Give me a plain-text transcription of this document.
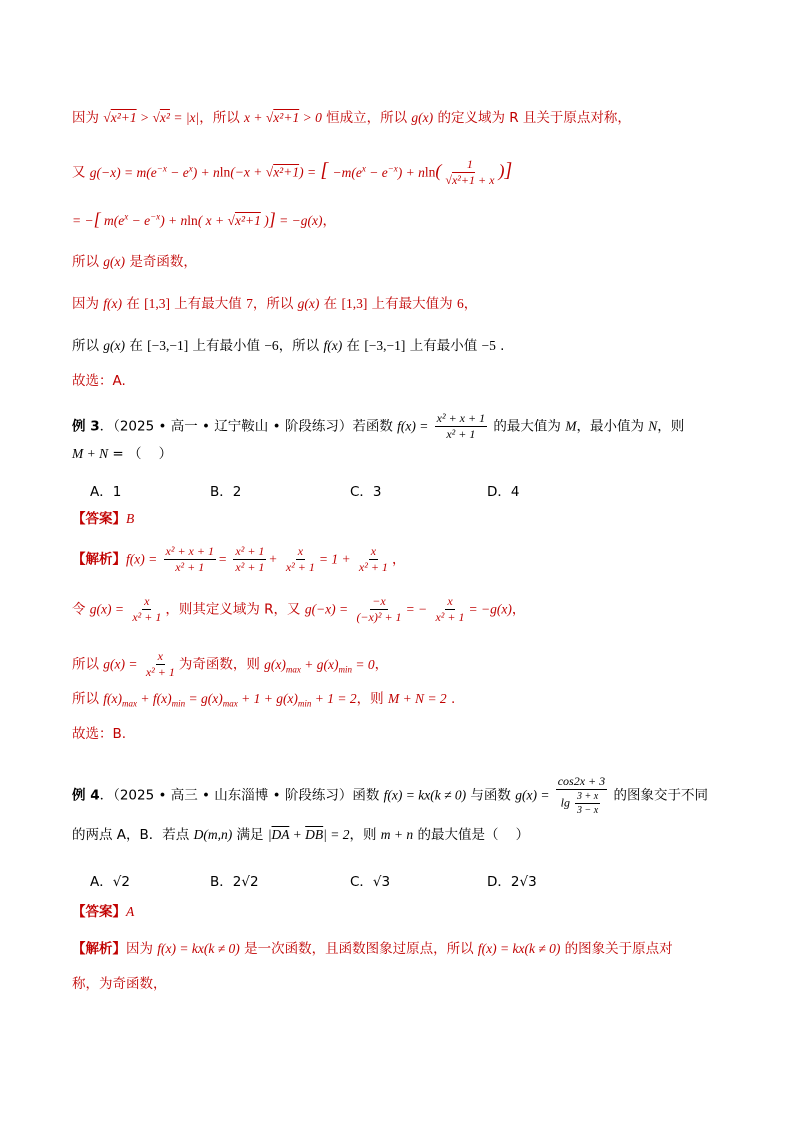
因为 √x²+1 > √x² = |x|，所以 x + √x²+1 > 0 恒成立，所以 g(x) 的定义域为 R 且关于原点对称，
又 $g(-x) = m(e^{-x} - e^x) + nln(-x + √x^2+1)$ = [ $-m(e^x - e^{-x}) + nln( \frac{1}{\text{√x²+1 + x}}$ )]
= −[ $m(e^x - e^{-x}) + nln$( x + √x²+1 )] = −g(x)，
所以 g(x) 是奇函数，
因为 f(x) 在 [1,3] 上有最大值 7，所以 g(x) 在 [1,3] 上有最大值为 6，
所以 g(x) 在 [−3,−1] 上有最小值 −6，所以 f(x) 在 [−3,−1] 上有最小值 −5 .
故选：A.
例 3．（2025 • 高一 • 辽宁鞍山 • 阶段练习）若函数 $f(x) = \frac{\text{x² + x + 1}}{\text{x² + 1}}$ 的最大值为 M，最小值为 N，则
M + N = （    ）
A．1	B．2	C．3	D．4
【答案】B
【解析】$f(x) = \frac{\text{x² + x + 1}}{\text{x² + 1}} = \frac{\text{x² + 1}}{\text{x² + 1}} + \frac{x}{\text{x² + 1}} = 1 + \frac{x}{\text{x² + 1}}$ ，
令 $g(x) = \frac{x}{\text{x² + 1}}$ ，则其定义域为 R，又 $g(-x) = \frac{-x}{\text{(−x)² + 1}}$ = − $\frac{x}{\text{x² + 1}} = -g(x)$，
所以 $g(x) = \frac{x}{\text{x² + 1}}$ 为奇函数，则 $g(x)_{max} + g(x)_{min} = 0$，
所以 $f(x)_{max} + f(x)_{min} = g(x)_{max} + 1 + g(x)_{min} + 1 = 2$，则 M + N = 2 .
故选：B.
例 4．（2025 • 高三 • 山东淄博 • 阶段练习）函数 f(x) = kx(k ≠ 0) 与函数 $g(x) = \frac{\cos 2x + 3}{\lg \frac{3 + x}{3 - x}}$ 的图象交于不同
的两点 A，B．若点 D(m,n) 满足 $|\overline{DA} + \overline{DB}| = 2$，则 m + n 的最大值是（    ）
A．√2	B．2√2	C．√3	D．2√3
【答案】A
【解析】因为 f(x) = kx(k ≠ 0) 是一次函数，且函数图象过原点，所以 f(x) = kx(k ≠ 0) 的图象关于原点对
称，为奇函数，
